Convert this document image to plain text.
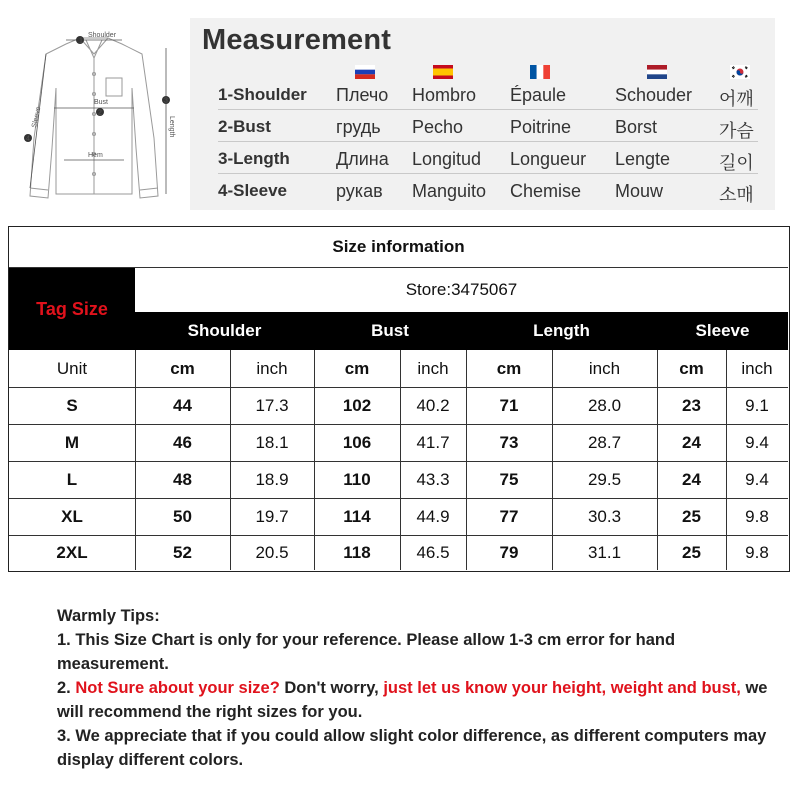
1
2
3
4
Shoulder
Bust
Hem
Sleeve	Length
Measurement
1-Shoulder Плечо Hombro Épaule	Schouder 어깨
2-Bust	грудь Pecho	Poitrine Borst	가슴
3-Length	Длина Longitud Longueur Lengte	길이
4-Sleeve	рукав Manguito Chemise Mouw	소매
Size information
Tag Size
Store:3475067
Shoulder	Bust	Length	Sleeve
Unit	cm	inch	cm	inch	cm	inch	cm	inch
S	44	17.3	102	40.2	71	28.0	23	9.1
M	46	18.1	106	41.7	73	28.7	24	9.4
L	48	18.9	110	43.3	75	29.5	24	9.4
XL	50	19.7	114	44.9	77	30.3	25	9.8
2XL	52	20.5	118	46.5	79	31.1	25	9.8

Warmly Tips:

1. This Size Chart is only for your reference. Please allow 1-3 cm error for hand measurement.

2. Not Sure about your size? Don't worry, just let us know your height, weight and bust, we will recommend the right sizes for you.

3. We appreciate that if you could allow slight color difference, as different computers may display different colors.
